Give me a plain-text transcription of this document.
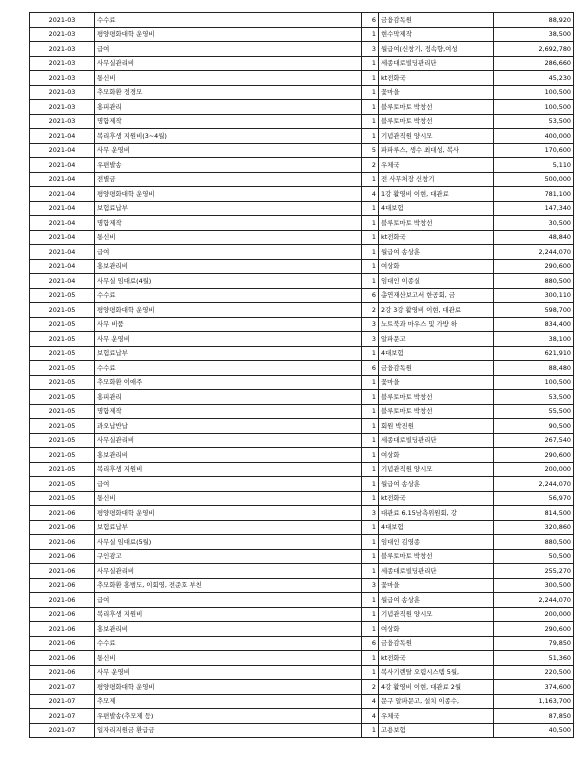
2021-03	수수료	6	금융감독원	88,920
2021-03	평양평화대학 운영비	1	현수막제작	38,500
2021-03	급여	3	월급여(신창기, 정속향,여성	2,692,780
2021-03	사무실관리비	1	세종대로빌딩관리단	286,660
2021-03	통신비	1	kt전화국	45,230
2021-03	추모화환 정경모	1	꽃마을	100,500
2021-03	홍피관리	1	블루토마토 박창선	100,500
2021-03	명함제작	1	블루토마토 박창선	53,500
2021-04	복리후생 지원비(3~4월)	1	기념관직원 양시모	400,000
2021-04	사무 운영비	5	파파루스, 생수 최대성, 복사	170,600
2021-04	우편발송	2	우체국	5,110
2021-04	전별금	1	전 사무처장 신창기	500,000
2021-04	평양평화대학 운영비	4	1강 활영비 이현, 대관료	781,100
2021-04	보험료납부	1	4대보험	147,340
2021-04	명함제작	1	블루토마토 박창선	30,500
2021-04	통신비	1	kt전화국	48,840
2021-04	급여	1	월급여 송상훈	2,244,070
2021-04	홍보관리비	1	여상화	290,600
2021-04	사무실 임대료(4월)	1	임대인 이종실	880,500
2021-05	수수료	6	총연재산보고서 한공회, 금	300,110
2021-05	평양평화대학 운영비	2	2강 3강 활영비 이현, 대관료	598,700
2021-05	사무 비품	3	노트북과 마우스 및 가방 하	834,400
2021-05	사무 운영비	3	알파문고	38,100
2021-05	보험료납부	1	4대보험	621,910
2021-05	수수료	6	금융감독원	88,480
2021-05	추모화환 이애주	1	꽃마을	100,500
2021-05	홍피관리	1	블루토마토 박창선	53,500
2021-05	명함제작	1	블루토마토 박창선	55,500
2021-05	과오납반납	1	회원 박진원	90,500
2021-05	사무실관리비	1	세종대로빌딩관리단	267,540
2021-05	홍보관리비	1	여상화	290,600
2021-05	복리후생 지원비	1	기념관직원 양시모	200,000
2021-05	급여	1	월급여 송상훈	2,244,070
2021-05	통신비	1	kt전화국	56,970
2021-06	평양평화대학 운영비	3	대관료 6.15남측위원회, 강	814,500
2021-06	보험료납부	1	4대보험	320,860
2021-06	사무실 임대료(5월)	1	임대인 김영종	880,500
2021-06	구인광고	1	블루토마토 박창선	50,500
2021-06	사무실관리비	1	세종대로빌딩관리단	255,270
2021-06	추모화환 홍범도, 이회영, 전준호 부친	3	꽃마을	300,500
2021-06	급여	1	월급여 송상훈	2,244,070
2021-06	복리후생 지원비	1	기념관직원 양시모	200,000
2021-06	홍보관리비	1	여상화	290,600
2021-06	수수료	6	금융감독원	79,850
2021-06	통신비	1	kt전화국	51,360
2021-06	사무 운영비	1	복사기렌탈 오렴시스템 5월,	220,500
2021-07	평양평화대학 운영비	2	4강 활영비 이현, 대관료 2월	374,600
2021-07	추모제	4	문구 알파문고, 설치 이종수,	1,163,700
2021-07	우편발송(추모제 등)	4	우체국	87,850
2021-07	일자리지원금 환급금	1	고용보험	40,500
